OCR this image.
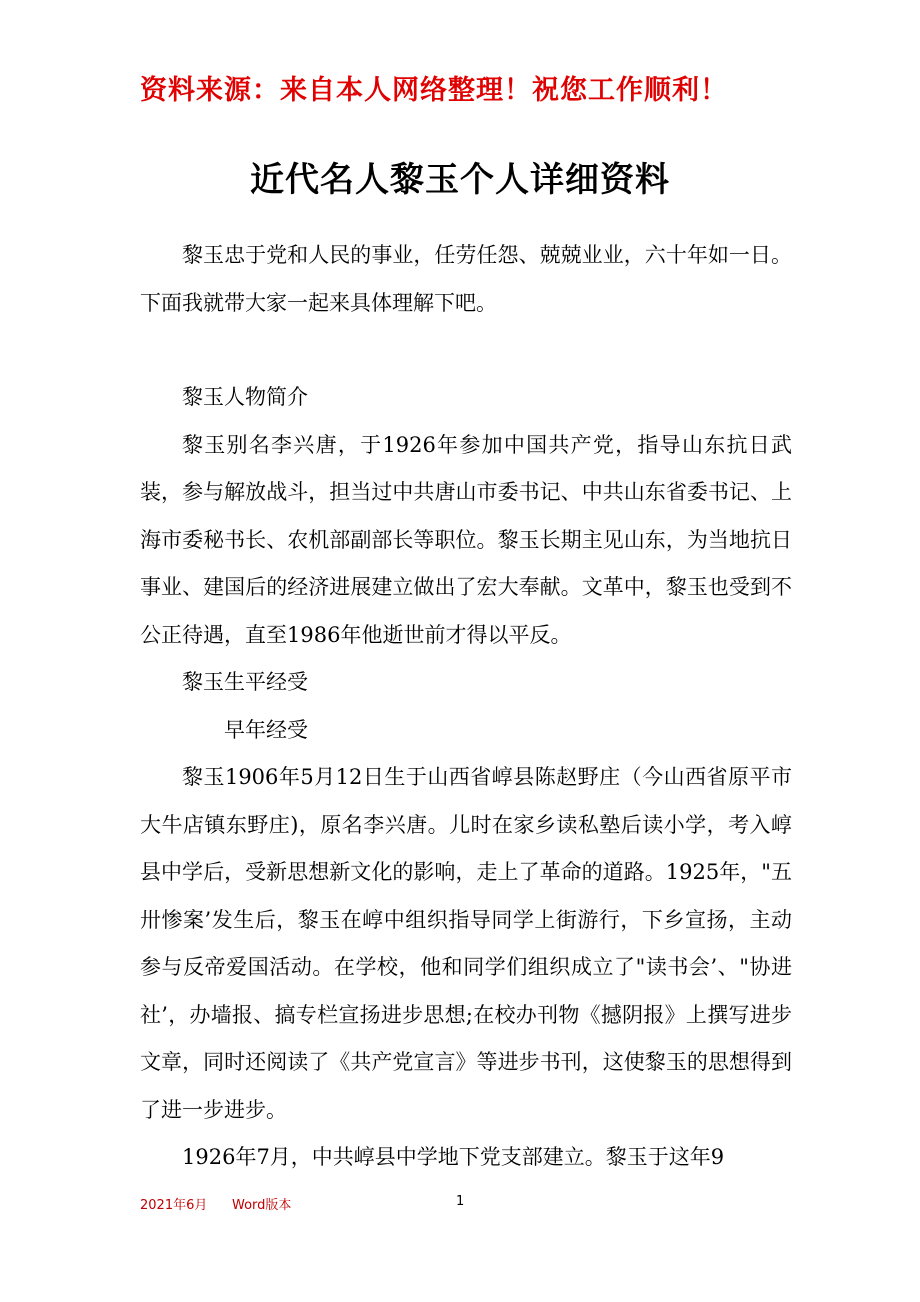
资料来源：来自本人网络整理！祝您工作顺利！
近代名人黎玉个人详细资料

黎玉忠于党和人民的事业，任劳任怨、兢兢业业，六十年如一日。下面我就带大家一起来具体理解下吧。

黎玉人物简介

黎玉别名李兴唐，于1926年参加中国共产党，指导山东抗日武装，参与解放战斗，担当过中共唐山市委书记、中共山东省委书记、上海市委秘书长、农机部副部长等职位。黎玉长期主见山东，为当地抗日事业、建国后的经济进展建立做出了宏大奉献。文革中，黎玉也受到不公正待遇，直至1986年他逝世前才得以平反。

黎玉生平经受

早年经受

黎玉1906年5月12日生于山西省崞县陈赵野庄（今山西省原平市大牛店镇东野庄)，原名李兴唐。儿时在家乡读私塾后读小学，考入崞县中学后，受新思想新文化的影响，走上了革命的道路。1925年，"五卅惨案’发生后，黎玉在崞中组织指导同学上街游行，下乡宣扬，主动参与反帝爱国活动。在学校，他和同学们组织成立了"读书会’、"协进社’，办墙报、搞专栏宣扬进步思想;在校办刊物《撼阴报》上撰写进步文章，同时还阅读了《共产党宣言》等进步书刊，这使黎玉的思想得到了进一步进步。

1926年7月，中共崞县中学地下党支部建立。黎玉于这年9

2021年6月 Word版本	1
